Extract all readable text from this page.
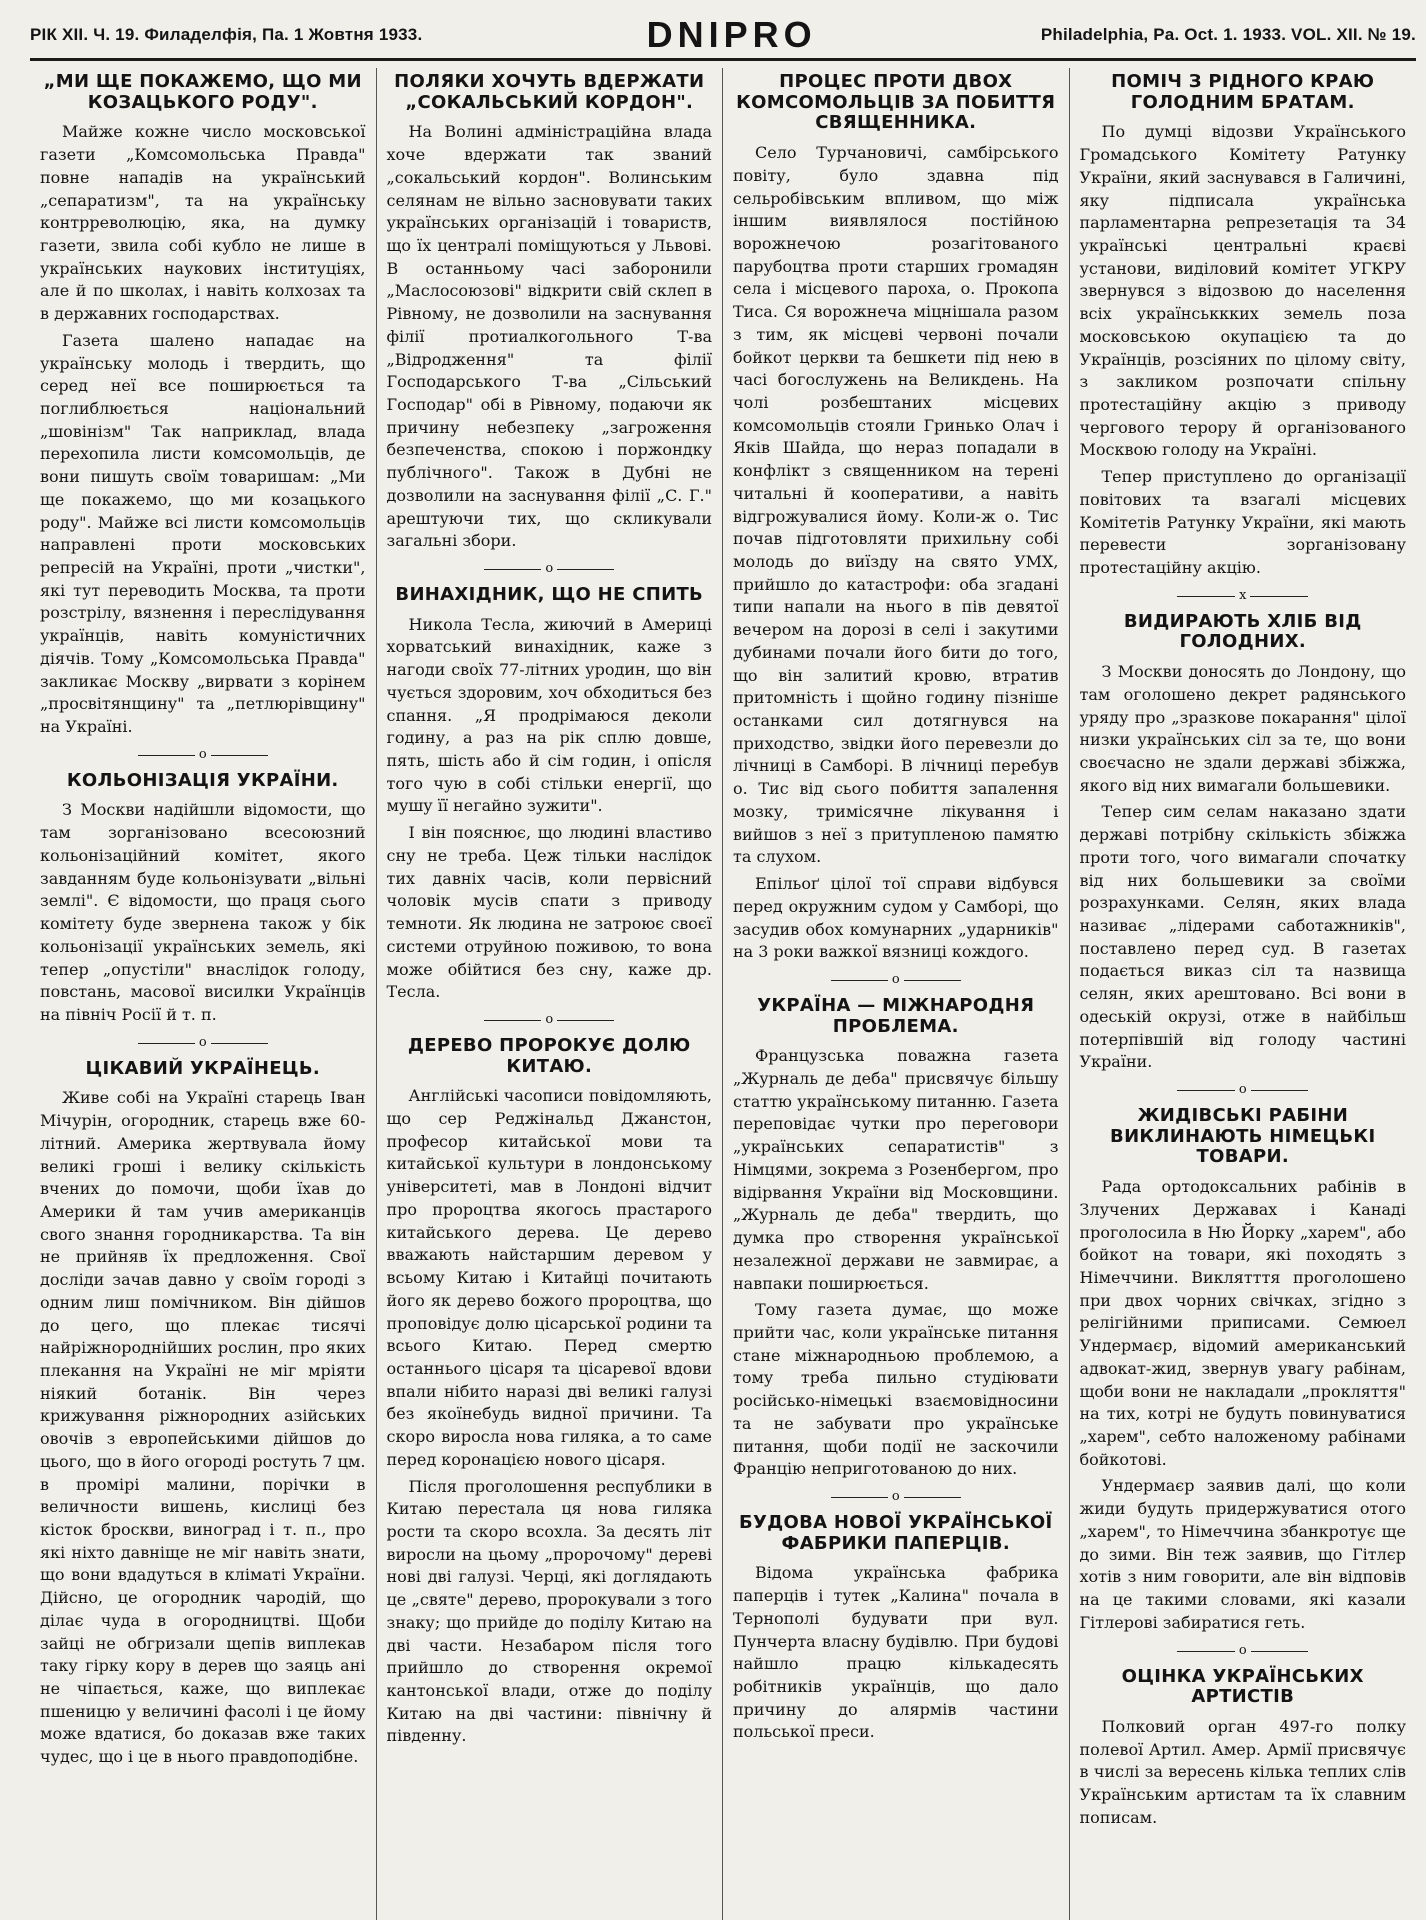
РІК XII. Ч. 19. Филаделфія, Па. 1 Жовтня 1933.	DNIPRO	Philadelphia, Pa. Oct. 1. 1933. VOL. XII. № 19.
„МИ ЩЕ ПОКАЖЕМО, ЩО МИ КОЗАЦЬКОГО РОДУ".

Майже кожне число московської газети „Комсомольська Правда" повне нападів на український „сепаратизм", та на українську контрреволюцію, яка, на думку газети, звила собі кубло не лише в українських наукових інституціях, але й по школах, і навіть колхозах та в державних господарствах.

Газета шалено нападає на українську молодь і твердить, що серед неї все поширюється та поглиблюється національний „шовінізм" Так наприклад, влада перехопила листи комсомольців, де вони пишуть своїм товаришам: „Ми ще покажемо, що ми козацького роду". Майже всі листи комсомольців направлені проти московських репресій на Україні, проти „чистки", які тут переводить Москва, та проти розстрілу, вязнення і переслідування українців, навіть комуністичних діячів. Тому „Комсомольська Правда" закликає Москву „вирвати з корінем „просвітянщину" та „петлюрівщину" на Україні.

o
КОЛЬОНІЗАЦІЯ УКРАЇНИ.

З Москви надійшли відомости, що там зорганізовано всесоюзний кольонізаційний комітет, якого завданням буде кольонізувати „вільні землі". Є відомости, що праця сього комітету буде звернена також у бік кольонізації українських земель, які тепер „опустіли" внаслідок голоду, повстань, масової висилки Українців на північ Росії й т. п.

o
ЦІКАВИЙ УКРАЇНЕЦЬ.

Живе собі на Україні старець Іван Мічурін, огородник, старець вже 60-літний. Америка жертвувала йому великі гроші і велику скількість вчених до помочи, щоби їхав до Америки й там учив американців свого знання городникарства. Та він не прийняв їх предложення. Свої досліди зачав давно у своїм городі з одним лиш помічником. Він дійшов до цего, що плекає тисячі найріжнороднійших рослин, про яких плекання на Україні не міг мріяти ніякий ботанік. Він через крижування ріжнородних азійських овочів з европейськими дійшов до цього, що в його огороді ростуть 7 цм. в промірі малини, порічки в величности вишень, кислиці без кісток броскви, виноград і т. п., про які ніхто давніще не міг навіть знати, що вони вдадуться в кліматі України. Дійсно, це огородник чародій, що ділає чуда в огородництві. Щоби зайці не обгризали щепів виплекав таку гірку кору в дерев що заяць ані не чіпається, каже, що виплекає пшеницю у величині фасолі і це йому може вдатися, бо доказав вже таких чудес, що і це в нього правдоподібне.

ПОЛЯКИ ХОЧУТЬ ВДЕРЖАТИ „СОКАЛЬСЬКИЙ КОРДОН".

На Волині адміністраційна влада хоче вдержати так званий „сокальський кордон". Волинським селянам не вільно засновувати таких українських організацій і товариств, що їх централі поміщуються у Львові. В останньому часі заборонили „Маслосоюзові" відкрити свій склеп в Рівному, не дозволили на заснування філії протиалкогольного Т-ва „Відродження" та філії Господарського Т-ва „Сільський Господар" обі в Рівному, подаючи як причину небезпеку „загроження безпеченства, спокою і поржондку публічного". Також в Дубні не дозволили на заснування філії „С. Г." арештуючи тих, що скликували загальні збори.

o
ВИНАХІДНИК, ЩО НЕ СПИТЬ

Никола Тесла, жиючий в Америці хорватський винахідник, каже з нагоди своїх 77-літних уродин, що він чується здоровим, хоч обходиться без спання. „Я продрімаюся деколи годину, а раз на рік сплю довше, пять, шість або й сім годин, і опісля того чую в собі стільки енергії, що мушу її негайно зужити".

І він пояснює, що людині властиво сну не треба. Цеж тільки наслідок тих давніх часів, коли первісний чоловік мусів спати з приводу темноти. Як людина не затроює своєї системи отруйною поживою, то вона може обійтися без сну, каже др. Тесла.

o
ДЕРЕВО ПРОРОКУЄ ДОЛЮ КИТАЮ.

Англійські часописи повідомляють, що сер Реджінальд Джанстон, професор китайської мови та китайської культури в лондонському університеті, мав в Лондоні відчит про пророцтва якогось прастарого китайського дерева. Це дерево вважають найстаршим деревом у всьому Китаю і Китайці почитають його як дерево божого пророцтва, що проповідує долю цісарської родини та всього Китаю. Перед смертю останнього цісаря та цісаревої вдови впали нібито наразі дві великі галузі без якоїнебудь видної причини. Та скоро виросла нова гиляка, а то саме перед коронацією нового цісаря.

Після проголошення республики в Китаю перестала ця нова гиляка рости та скоро всохла. За десять літ виросли на цьому „пророчому" дереві нові дві галузі. Черці, які доглядають це „святе" дерево, пророкували з того знаку; що прийде до поділу Китаю на дві части. Незабаром після того прийшло до створення окремої кантонської влади, отже до поділу Китаю на дві частини: північну й південну.

ПРОЦЕС ПРОТИ ДВОХ КОМСОМОЛЬЦІВ ЗА ПОБИТТЯ СВЯЩЕННИКА.

Село Турчановичі, самбірського повіту, було здавна під сельробівським впливом, що між іншим виявлялося постійною ворожнечою розагітованого парубоцтва проти старших громадян села і місцевого пароха, о. Прокопа Тиса. Ся ворожнеча міцнішала разом з тим, як місцеві червоні почали бойкот церкви та бешкети під нею в часі богослужень на Великдень. На чолі розбештаних місцевих комсомольців стояли Гринько Олач і Яків Шайда, що нераз попадали в конфлікт з священником на терені читальні й кооперативи, а навіть відгрожувалися йому. Коли-ж о. Тис почав підготовляти прихильну собі молодь до виїзду на свято УМХ, прийшло до катастрофи: оба згадані типи напали на нього в пів девятої вечером на дорозі в селі і закутими дубинами почали його бити до того, що він залитий кровю, втратив притомність і щойно годину пізніше останками сил дотягнувся на приходство, звідки його перевезли до лічниці в Самборі. В лічниці перебув о. Тис від сього побиття запалення мозку, тримісячне лікування і вийшов з неї з притупленою памятю та слухом.

Епільоґ цілої тої справи відбувся перед окружним судом у Самборі, що засудив обох комунарних „ударників" на 3 роки важкої вязниці кождого.

o
УКРАЇНА — МІЖНАРОДНЯ ПРОБЛЕМА.

Французська поважна газета „Журналь де деба" присвячує більшу статтю українському питанню. Газета переповідає чутки про переговори „українських сепаратистів" з Німцями, зокрема з Розенбергом, про відірвання України від Московщини. „Журналь де деба" твердить, що думка про створення української незалежної держави не завмирає, а навпаки поширюється.

Тому газета думає, що може прийти час, коли українське питання стане міжнародньою проблемою, а тому треба пильно студіювати російсько-німецькі взаємовідносини та не забувати про українське питання, щоби події не заскочили Францію неприготованою до них.

o
БУДОВА НОВОЇ УКРАЇНСЬКОЇ ФАБРИКИ ПАПЕРЦІВ.

Відома українська фабрика паперців і тутек „Калина" почала в Тернополі будувати при вул. Пунчерта власну будівлю. При будові найшло працю кількадесять робітників українців, що дало причину до алярмів частини польської преси.

ПОМІЧ З РІДНОГО КРАЮ ГОЛОДНИМ БРАТАМ.

По думці відозви Українського Громадського Комітету Ратунку України, який заснувався в Галичині, яку підписала українська парламентарна репрезетація та 34 українські центральні краєві установи, виділовий комітет УГКРУ звернувся з відозвою до населення всіх українськкких земель поза московською окупацією та до Українців, розсіяних по цілому світу, з закликом розпочати спільну протестаційну акцію з приводу чергового терору й організованого Москвою голоду на Україні.

Тепер приступлено до організації повітових та взагалі місцевих Комітетів Ратунку України, які мають перевести зорганізовану протестаційну акцію.

x
ВИДИРАЮТЬ ХЛІБ ВІД ГОЛОДНИХ.

З Москви доносять до Лондону, що там оголошено декрет радянського уряду про „зразкове покарання" цілої низки українських сіл за те, що вони своєчасно не здали державі збіжжа, якого від них вимагали большевики.

Тепер сим селам наказано здати державі потрібну скількість збіжжа проти того, чого вимагали спочатку від них большевики за своїми розрахунками. Селян, яких влада називає „лідерами саботажників", поставлено перед суд. В газетах подається виказ сіл та назвища селян, яких арештовано. Всі вони в одеській окрузі, отже в найбільш потерпівшій від голоду частині України.

o
ЖИДІВСЬКІ РАБІНИ ВИКЛИНАЮТЬ НІМЕЦЬКІ ТОВАРИ.

Рада ортодоксальних рабінів в Злучених Державах і Канаді проголосила в Ню Йорку „харем", або бойкот на товари, які походять з Німеччини. Виклятття проголошено при двох чорних свічках, згідно з релігійними приписами. Семюел Ундермаєр, відомий американський адвокат-жид, звернув увагу рабінам, щоби вони не накладали „прокляття" на тих, котрі не будуть повинуватися „харем", себто наложеному рабінами бойкотові.

Ундермаєр заявив далі, що коли жиди будуть придержуватися отого „харем", то Німеччина збанкротує ще до зими. Він теж заявив, що Гітлєр хотів з ним говорити, але він відповів на це такими словами, які казали Гітлерові забиратися геть.

o
ОЦІНКА УКРАЇНСЬКИХ АРТИСТІВ

Полковий орган 497-го полку полевої Артил. Амер. Армії присвячує в числі за вересень кілька теплих слів Українським артистам та їх славним пописам.
